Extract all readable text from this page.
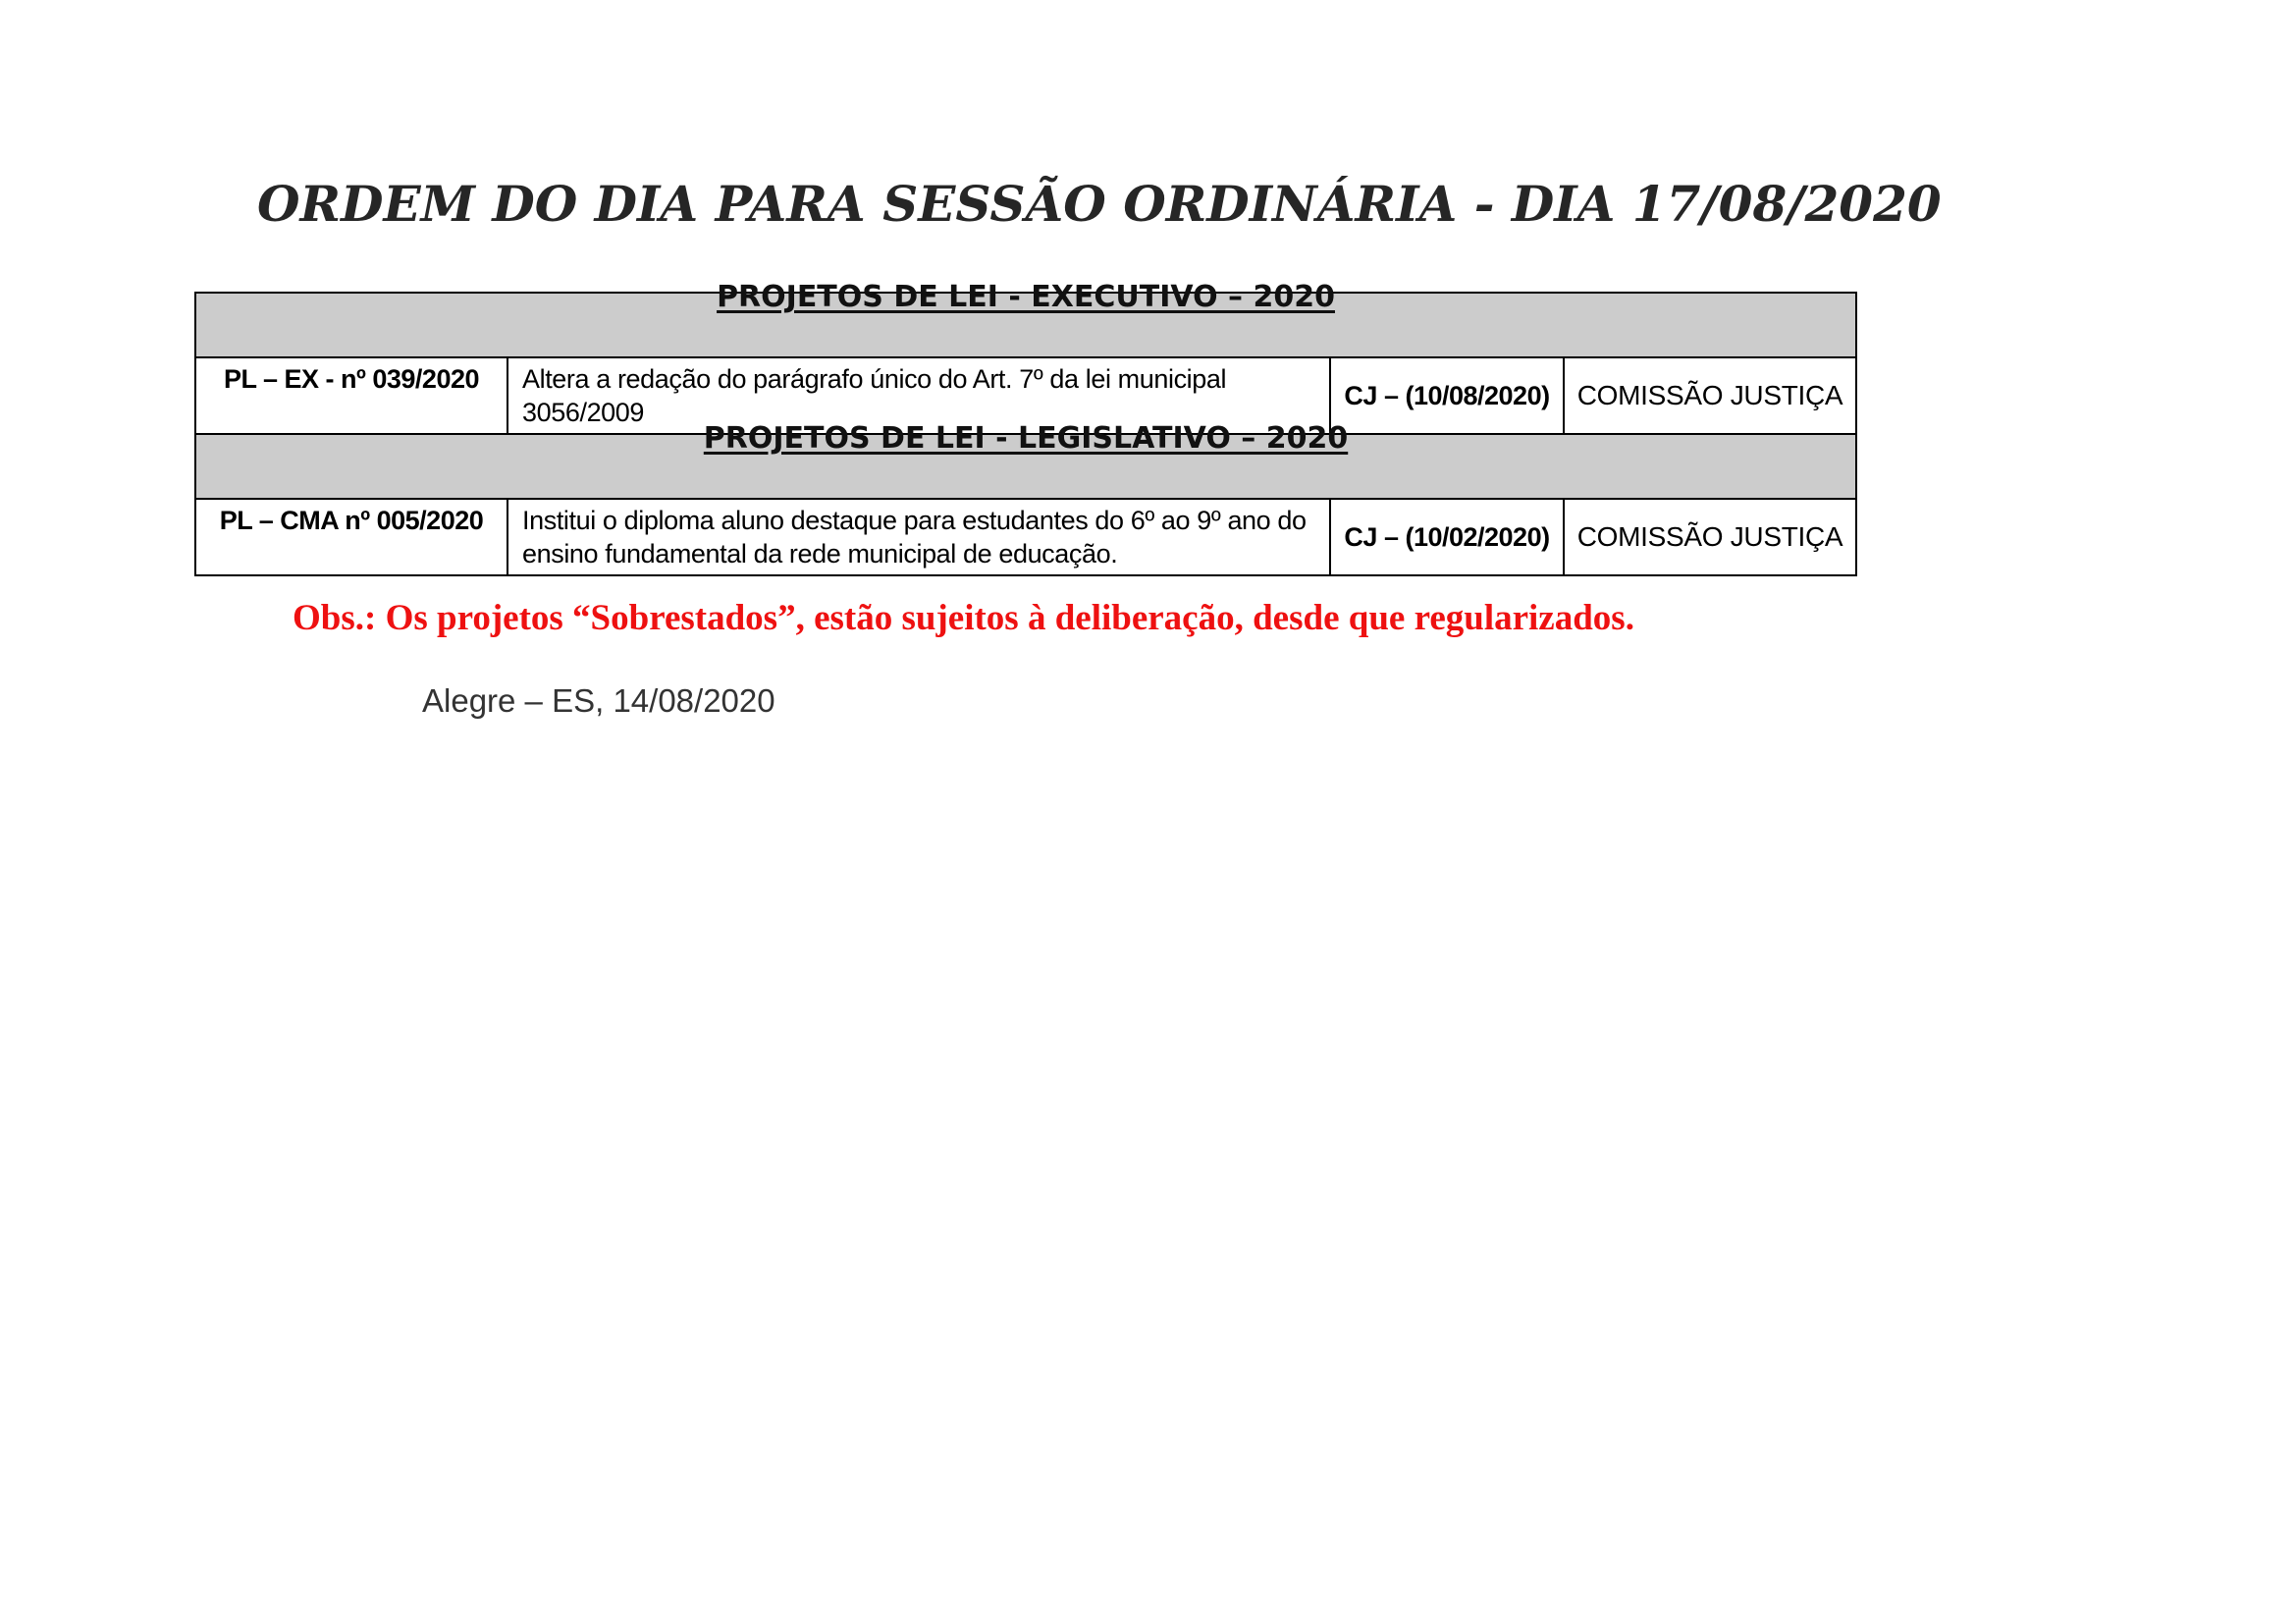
ORDEM DO DIA PARA SESSÃO ORDINÁRIA - DIA 17/08/2020
PROJETOS DE LEI - EXECUTIVO – 2020			
PL – EX - nº 039/2020	Altera a redação do parágrafo único do Art. 7º da lei municipal 3056/2009	CJ – (10/08/2020)	COMISSÃO JUSTIÇA
PROJETOS DE LEI - LEGISLATIVO – 2020			
PL – CMA nº 005/2020	Institui o diploma aluno destaque para estudantes do 6º ao 9º ano do ensino fundamental da rede municipal de educação.	CJ – (10/02/2020)	COMISSÃO JUSTIÇA

Obs.: Os projetos “Sobrestados”, estão sujeitos à deliberação, desde que regularizados.

Alegre – ES, 14/08/2020
